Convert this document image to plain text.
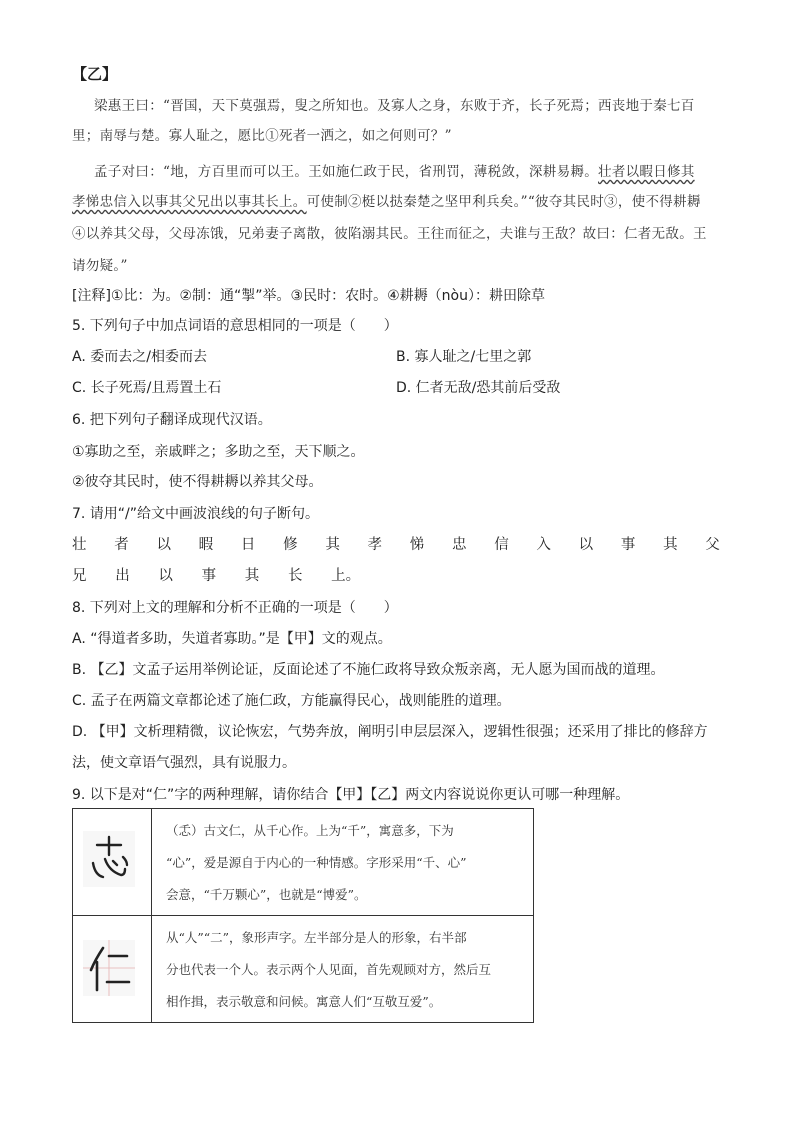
【乙】
梁惠王曰：“晋国，天下莫强焉，叟之所知也。及寡人之身，东败于齐，长子死焉；西丧地于秦七百
里；南辱与楚。寡人耻之，愿比①死者一洒之，如之何则可？”
孟子对曰：“地，方百里而可以王。王如施仁政于民，省刑罚，薄税敛，深耕易耨。壮者以暇日修其
孝悌忠信入以事其父兄出以事其长上。可使制②梃以挞秦楚之坚甲利兵矣。”“彼夺其民时③，使不得耕耨
④以养其父母，父母冻饿，兄弟妻子离散，彼陷溺其民。王往而征之，夫谁与王敌？故曰：仁者无敌。王
请勿疑。”
[注释]①比：为。②制：通“掣”举。③民时：农时。④耕耨（nòu）：耕田除草
5. 下列句子中加点词语的意思相同的一项是（　　）
A. 委而去之/相委而去	B. 寡人耻之/七里之郭
C. 长子死焉/且焉置土石	D. 仁者无敌/恐其前后受敌
6. 把下列句子翻译成现代汉语。
①寡助之至，亲戚畔之；多助之至，天下顺之。
②彼夺其民时，使不得耕耨以养其父母。
7. 请用“/”给文中画波浪线的句子断句。
壮 者 以 暇 日 修 其 孝 悌 忠 信 入 以 事 其 父
兄 出 以 事 其 长 上。
8. 下列对上文的理解和分析不正确的一项是（　　）
A. “得道者多助，失道者寡助。”是【甲】文的观点。
B. 【乙】文孟子运用举例论证，反面论述了不施仁政将导致众叛亲离，无人愿为国而战的道理。
C. 孟子在两篇文章都论述了施仁政，方能赢得民心，战则能胜的道理。
D. 【甲】文析理精微，议论恢宏，气势奔放，阐明引申层层深入，逻辑性很强；还采用了排比的修辞方
法，使文章语气强烈，具有说服力。
9. 以下是对“仁”字的两种理解，请你结合【甲】【乙】两文内容说说你更认可哪一种理解。

（忎）古文仁，从千心作。上为“千”，寓意多，下为
“心”，爱是源自于内心的一种情感。字形采用“千、心”
会意，“千万颗心”，也就是“博爱”。

从“人”“二”，象形声字。左半部分是人的形象，右半部
分也代表一个人。表示两个人见面，首先观顾对方，然后互
相作揖，表示敬意和问候。寓意人们“互敬互爱”。
